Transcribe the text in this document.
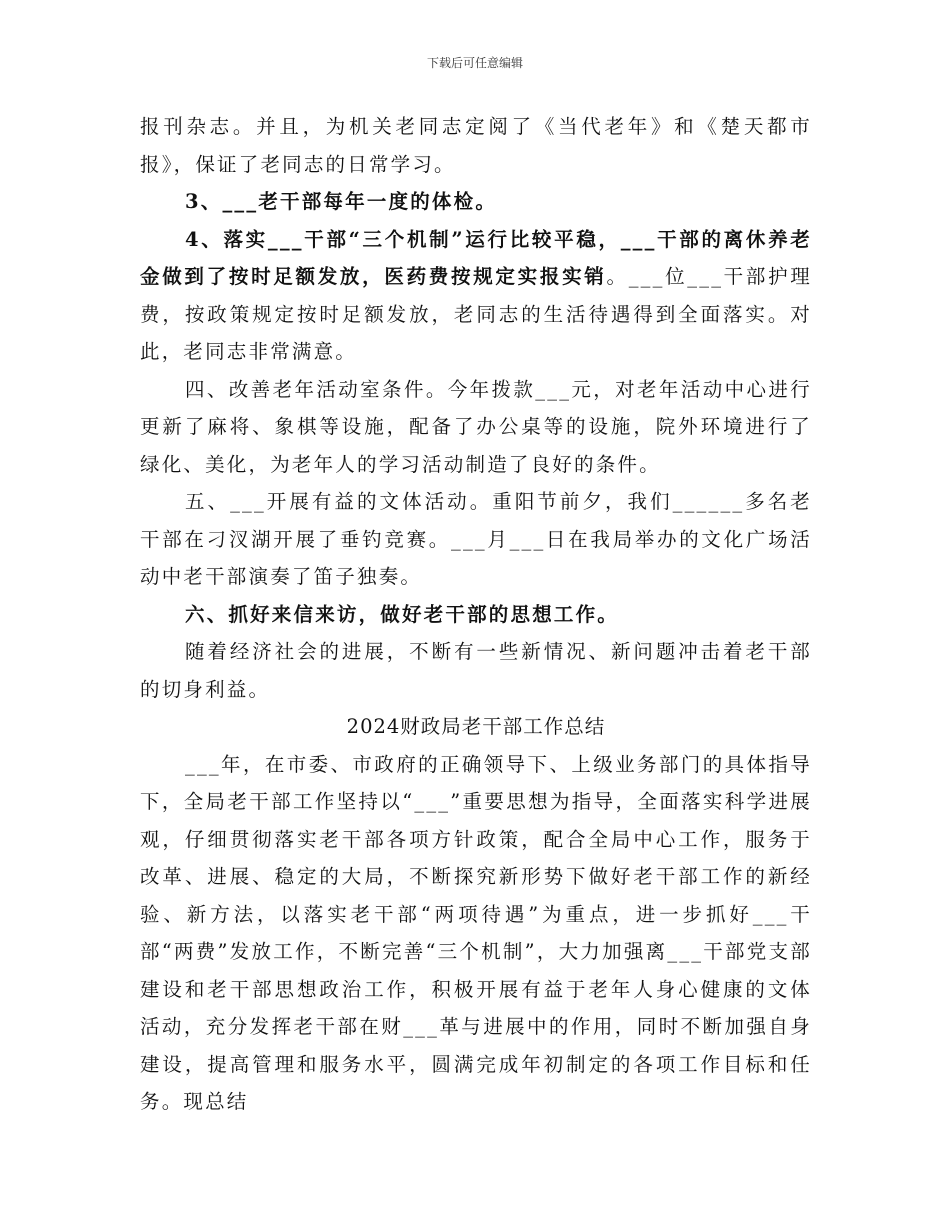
下载后可任意编辑

报刊杂志。并且，为机关老同志定阅了《当代老年》和《楚天都市报》，保证了老同志的日常学习。

3、___老干部每年一度的体检。

4、落实___干部“三个机制”运行比较平稳，___干部的离休养老金做到了按时足额发放，医药费按规定实报实销。___位___干部护理费，按政策规定按时足额发放，老同志的生活待遇得到全面落实。对此，老同志非常满意。

四、改善老年活动室条件。今年拨款___元，对老年活动中心进行更新了麻将、象棋等设施，配备了办公桌等的设施，院外环境进行了绿化、美化，为老年人的学习活动制造了良好的条件。

五、___开展有益的文体活动。重阳节前夕，我们______多名老干部在刁汊湖开展了垂钓竞赛。___月___日在我局举办的文化广场活动中老干部演奏了笛子独奏。

六、抓好来信来访，做好老干部的思想工作。

随着经济社会的进展，不断有一些新情况、新问题冲击着老干部的切身利益。

2024财政局老干部工作总结

___年，在市委、市政府的正确领导下、上级业务部门的具体指导下，全局老干部工作坚持以“___”重要思想为指导，全面落实科学进展观，仔细贯彻落实老干部各项方针政策，配合全局中心工作，服务于改革、进展、稳定的大局，不断探究新形势下做好老干部工作的新经验、新方法，以落实老干部“两项待遇”为重点，进一步抓好___干部“两费”发放工作，不断完善“三个机制”，大力加强离___干部党支部建设和老干部思想政治工作，积极开展有益于老年人身心健康的文体活动，充分发挥老干部在财___革与进展中的作用，同时不断加强自身建设，提高管理和服务水平，圆满完成年初制定的各项工作目标和任务。现总结
